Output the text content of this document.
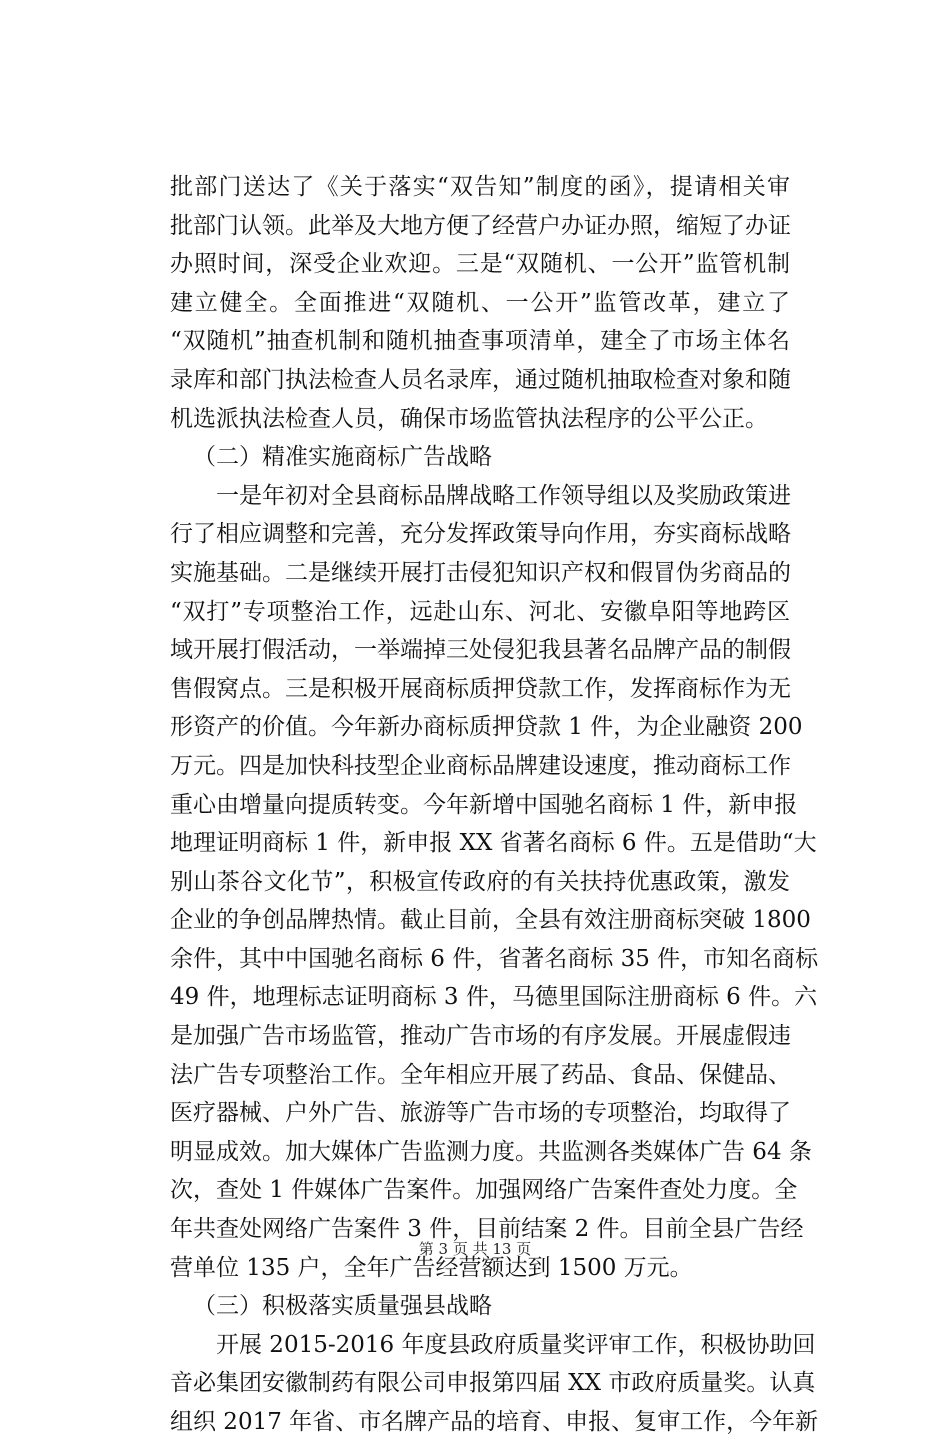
批部门送达了《关于落实“双告知”制度的函》，提请相关审
批部门认领。此举及大地方便了经营户办证办照，缩短了办证
办照时间，深受企业欢迎。三是“双随机、一公开”监管机制
建立健全。全面推进“双随机、一公开”监管改革，建立了
“双随机”抽查机制和随机抽查事项清单，建全了市场主体名
录库和部门执法检查人员名录库，通过随机抽取检查对象和随
机选派执法检查人员，确保市场监管执法程序的公平公正。
（二）精准实施商标广告战略
　　一是年初对全县商标品牌战略工作领导组以及奖励政策进
行了相应调整和完善，充分发挥政策导向作用，夯实商标战略
实施基础。二是继续开展打击侵犯知识产权和假冒伪劣商品的
“双打”专项整治工作，远赴山东、河北、安徽阜阳等地跨区
域开展打假活动，一举端掉三处侵犯我县著名品牌产品的制假
售假窝点。三是积极开展商标质押贷款工作，发挥商标作为无
形资产的价值。今年新办商标质押贷款 1 件，为企业融资 200
万元。四是加快科技型企业商标品牌建设速度，推动商标工作
重心由增量向提质转变。今年新增中国驰名商标 1 件，新申报
地理证明商标 1 件，新申报 XX 省著名商标 6 件。五是借助“大
别山茶谷文化节”，积极宣传政府的有关扶持优惠政策，激发
企业的争创品牌热情。截止目前，全县有效注册商标突破 1800
余件，其中中国驰名商标 6 件，省著名商标 35 件，市知名商标
49 件，地理标志证明商标 3 件，马德里国际注册商标 6 件。六
是加强广告市场监管，推动广告市场的有序发展。开展虚假违
法广告专项整治工作。全年相应开展了药品、食品、保健品、
医疗器械、户外广告、旅游等广告市场的专项整治，均取得了
明显成效。加大媒体广告监测力度。共监测各类媒体广告 64 条
次，查处 1 件媒体广告案件。加强网络广告案件查处力度。全
年共查处网络广告案件 3 件，目前结案 2 件。目前全县广告经
营单位 135 户，全年广告经营额达到 1500 万元。
（三）积极落实质量强县战略
　　开展 2015-2016 年度县政府质量奖评审工作，积极协助回
音必集团安徽制药有限公司申报第四届 XX 市政府质量奖。认真
组织 2017 年省、市名牌产品的培育、申报、复审工作，今年新
第 3 页 共 13 页
